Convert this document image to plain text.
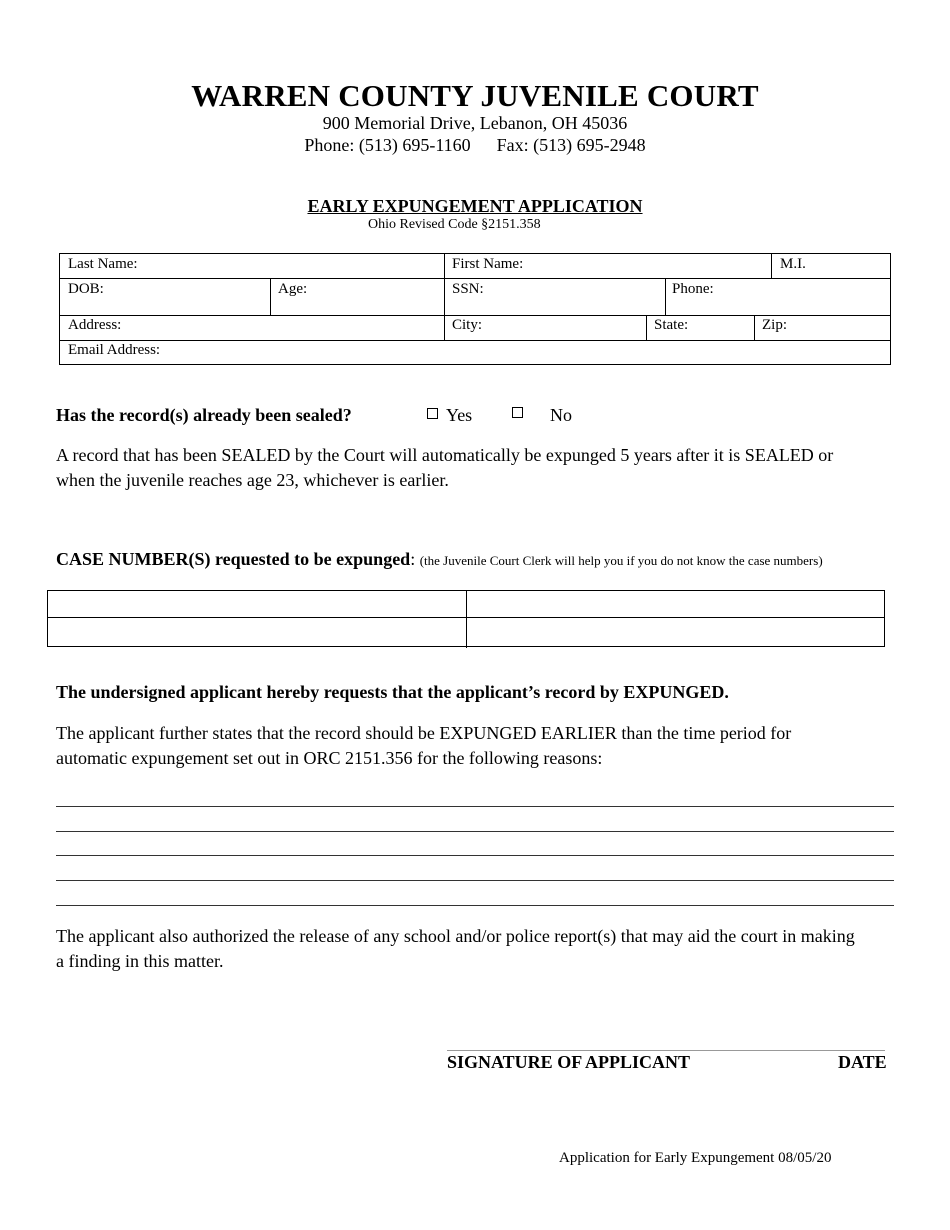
WARREN COUNTY JUVENILE COURT
900 Memorial Drive, Lebanon, OH 45036
Phone: (513) 695-1160 Fax: (513) 695-2948
EARLY EXPUNGEMENT APPLICATION
Ohio Revised Code §2151.358
Last Name:	First Name:	M.I.
DOB:	Age:	SSN:	Phone:
Address:	City:	State:	Zip:
Email Address:
Has the record(s) already been sealed?	Yes	No
A record that has been SEALED by the Court will automatically be expunged 5 years after it is SEALED or
when the juvenile reaches age 23, whichever is earlier.
CASE NUMBER(S) requested to be expunged: (the Juvenile Court Clerk will help you if you do not know the case numbers)
The undersigned applicant hereby requests that the applicant’s record by EXPUNGED.
The applicant further states that the record should be EXPUNGED EARLIER than the time period for
automatic expungement set out in ORC 2151.356 for the following reasons:
The applicant also authorized the release of any school and/or police report(s) that may aid the court in making
a finding in this matter.
SIGNATURE OF APPLICANT	DATE
Application for Early Expungement 08/05/20
